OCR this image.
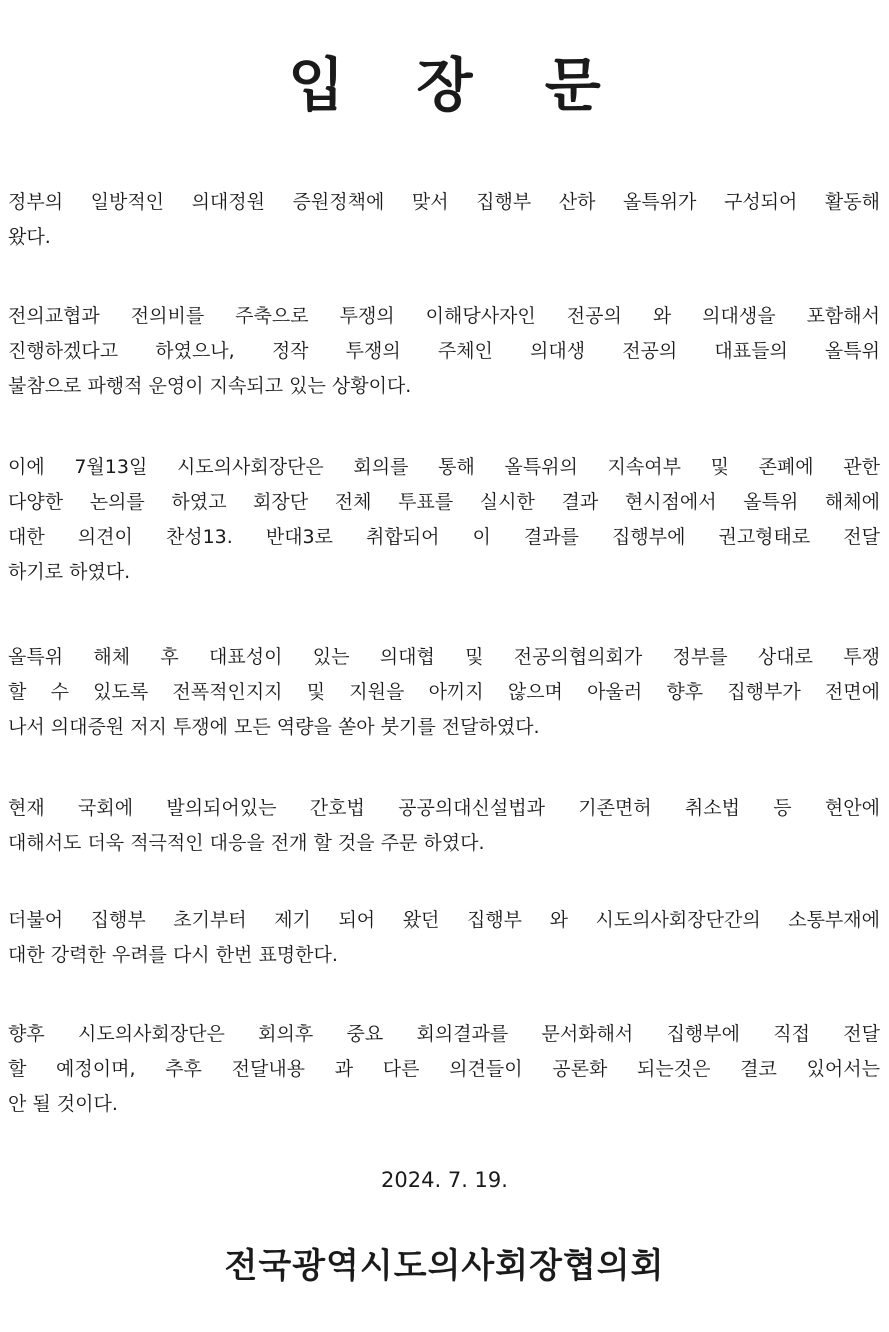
입 장 문
정부의 일방적인 의대정원 증원정책에 맞서 집행부 산하 올특위가 구성되어 활동해
왔다.
전의교협과 전의비를 주축으로 투쟁의 이해당사자인 전공의 와 의대생을 포함해서
진행하겠다고 하였으나, 정작 투쟁의 주체인 의대생 전공의 대표들의 올특위
불참으로 파행적 운영이 지속되고 있는 상황이다.
이에 7월13일 시도의사회장단은 회의를 통해 올특위의 지속여부 및 존폐에 관한
다양한 논의를 하였고 회장단 전체 투표를 실시한 결과 현시점에서 올특위 해체에
대한 의견이 찬성13. 반대3로 취합되어 이 결과를 집행부에 권고형태로 전달
하기로 하였다.
올특위 해체 후 대표성이 있는 의대협 및 전공의협의회가 정부를 상대로 투쟁
할 수 있도록 전폭적인지지 및 지원을 아끼지 않으며 아울러 향후 집행부가 전면에
나서 의대증원 저지 투쟁에 모든 역량을 쏟아 붓기를 전달하였다.
현재 국회에 발의되어있는 간호법 공공의대신설법과 기존면허 취소법 등 현안에
대해서도 더욱 적극적인 대응을 전개 할 것을 주문 하였다.
더불어 집행부 초기부터 제기 되어 왔던 집행부 와 시도의사회장단간의 소통부재에
대한 강력한 우려를 다시 한번 표명한다.
향후 시도의사회장단은 회의후 중요 회의결과를 문서화해서 집행부에 직접 전달
할 예정이며, 추후 전달내용 과 다른 의견들이 공론화 되는것은 결코 있어서는
안 될 것이다.
2024. 7. 19.
전국광역시도의사회장협의회
